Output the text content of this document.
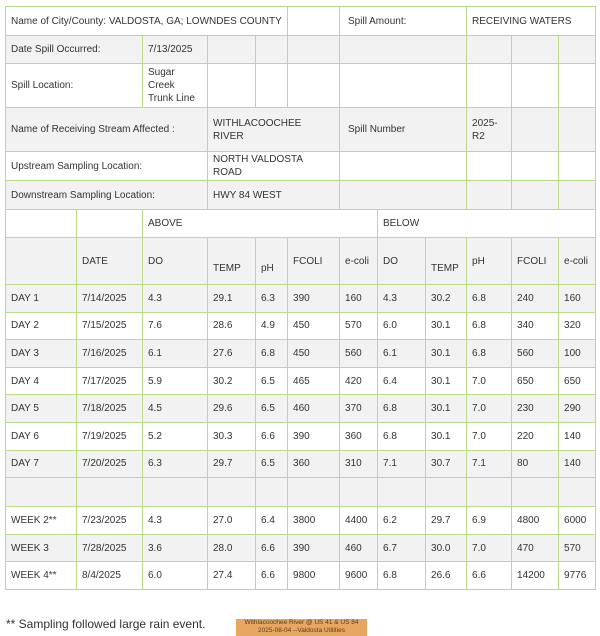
Name of City/County: VALDOSTA, GA; LOWNDES COUNTY						Spill Amount:			RECEIVING WATERS		
Date Spill Occurred:		7/13/2025									
Spill Location:		Sugar Creek Trunk Line									
Name of Receiving Stream Affected :			WITHLACOOCHEE RIVER			Spill Number			2025-R2		
Upstream Sampling Location:			NORTH VALDOSTA ROAD								
Downstream Sampling Location:			HWY 84 WEST								
		ABOVE					BELOW				
	DATE	DO	TEMP	pH	FCOLI	e-coli	DO	TEMP	pH	FCOLI	e-coli
DAY 1	7/14/2025	4.3	29.1	6.3	390	160	4.3	30.2	6.8	240	160
DAY 2	7/15/2025	7.6	28.6	4.9	450	570	6.0	30.1	6.8	340	320
DAY 3	7/16/2025	6.1	27.6	6.8	450	560	6.1	30.1	6.8	560	100
DAY 4	7/17/2025	5.9	30.2	6.5	465	420	6.4	30.1	7.0	650	650
DAY 5	7/18/2025	4.5	29.6	6.5	460	370	6.8	30.1	7.0	230	290
DAY 6	7/19/2025	5.2	30.3	6.6	390	360	6.8	30.1	7.0	220	140
DAY 7	7/20/2025	6.3	29.7	6.5	360	310	7.1	30.7	7.1	80	140

WEEK 2**	7/23/2025	4.3	27.0	6.4	3800	4400	6.2	29.7	6.9	4800	6000
WEEK 3	7/28/2025	3.6	28.0	6.6	390	460	6.7	30.0	7.0	470	570
WEEK 4**	8/4/2025	6.0	27.4	6.6	9800	9600	6.8	26.6	6.6	14200	9776
** Sampling followed large rain event.	Withlacoochee River @ US 41 & US 84
2025-08-04 --Valdosta Utilities
